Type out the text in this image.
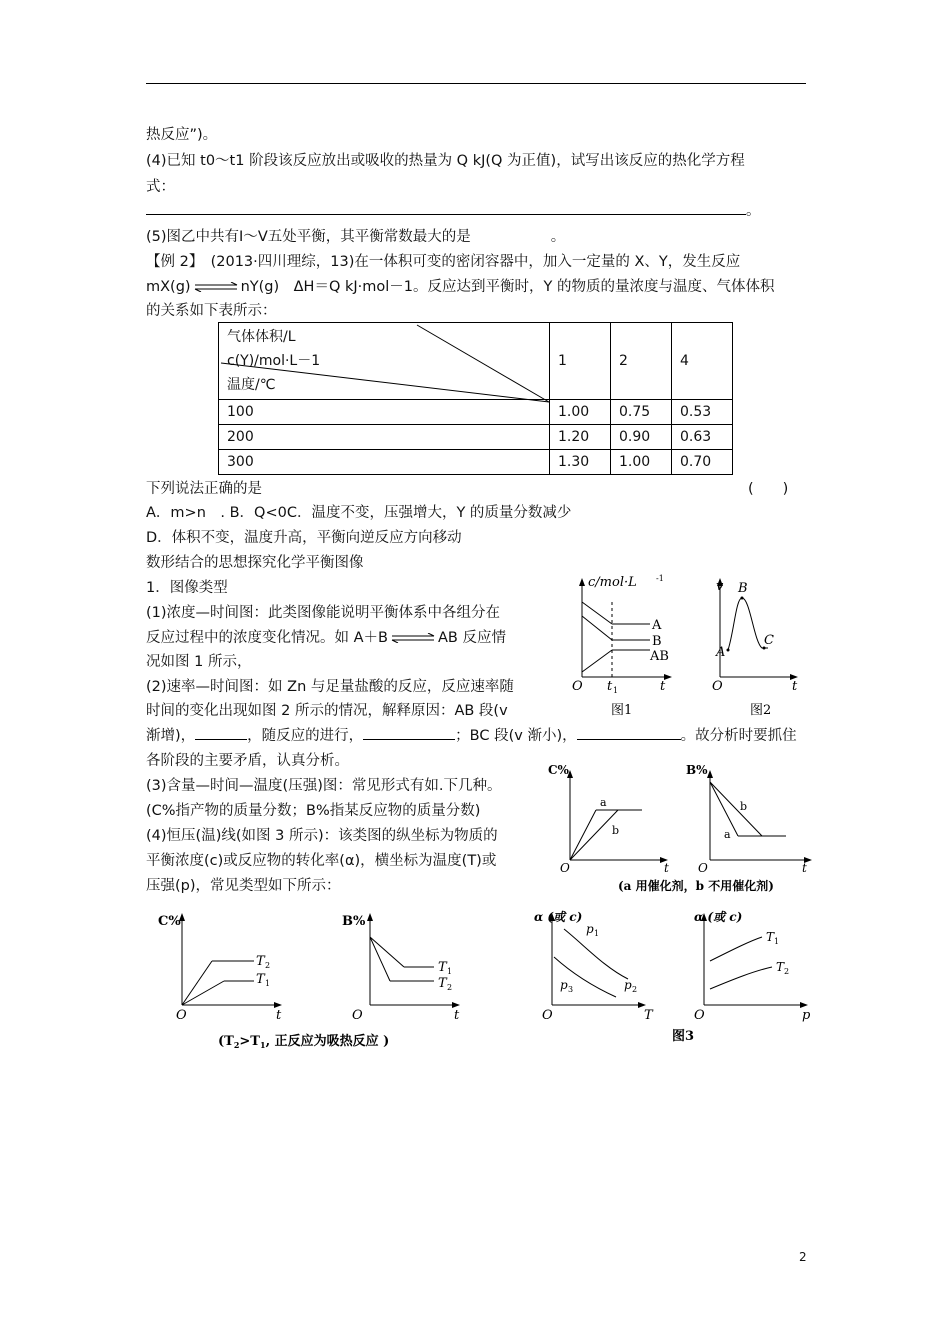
热反应”)。
(4)已知 t0～t1 阶段该反应放出或吸收的热量为 Q kJ(Q 为正值)，试写出该反应的热化学方程
式：
。
(5)图乙中共有Ⅰ～Ⅴ五处平衡，其平衡常数最大的是	。
【例 2】　(2013·四川理综，13)在一体积可变的密闭容器中，加入一定量的 X、Y，发生反应
mX(g) ⇌ nY(g)　ΔH＝Q kJ·mol－1。反应达到平衡时，Y 的物质的量浓度与温度、气体体积
的关系如下表所示：
气体体积/L
c(Y)/mol·L－1
温度/℃	1	2	4
100	1.00	0.75	0.53
200	1.20	0.90	0.63
300	1.30	1.00	0.70
下列说法正确的是	(　　)
A．m>n　. B．Q<0C．温度不变，压强增大，Y 的质量分数减少
D．体积不变，温度升高，平衡向逆反应方向移动
数形结合的思想探究化学平衡图像
1．图像类型
(1)浓度—时间图：此类图像能说明平衡体系中各组分在
反应过程中的浓度变化情况。如 A＋B ⇌ AB 反应情
况如图 1 所示，
(2)速率—时间图：如 Zn 与足量盐酸的反应，反应速率随
时间的变化出现如图 2 所示的情况，解释原因：AB 段(v
渐增)，	，随反应的进行，	；BC 段(v 渐小)，	。故分析时要抓住
各阶段的主要矛盾，认真分析。
(3)含量—时间—温度(压强)图：常见形式有如.下几种。
(C%指产物的质量分数；B%指某反应物的质量分数)
(4)恒压(温)线(如图 3 所示)：该类图的纵坐标为物质的
平衡浓度(c)或反应物的转化率(α)，横坐标为温度(T)或
压强(p)，常见类型如下所示：
c/mol·L -1
A
B
AB
O t 1	t
图1
v
A
B
C
O	t
图2
C%
a
b
O	t
B%
a
b
O	t
(a 用催化剂，b 不用催化剂)
C%
T 2
T 1
O	t
B%
T 1
T 2
O	t
α (或 c)
p 1
p 2
p 3
O	T
α (或 c)
T 1
T 2
O	p
($T_2>T_1$, 正反应为吸热反应 )	图3
2
